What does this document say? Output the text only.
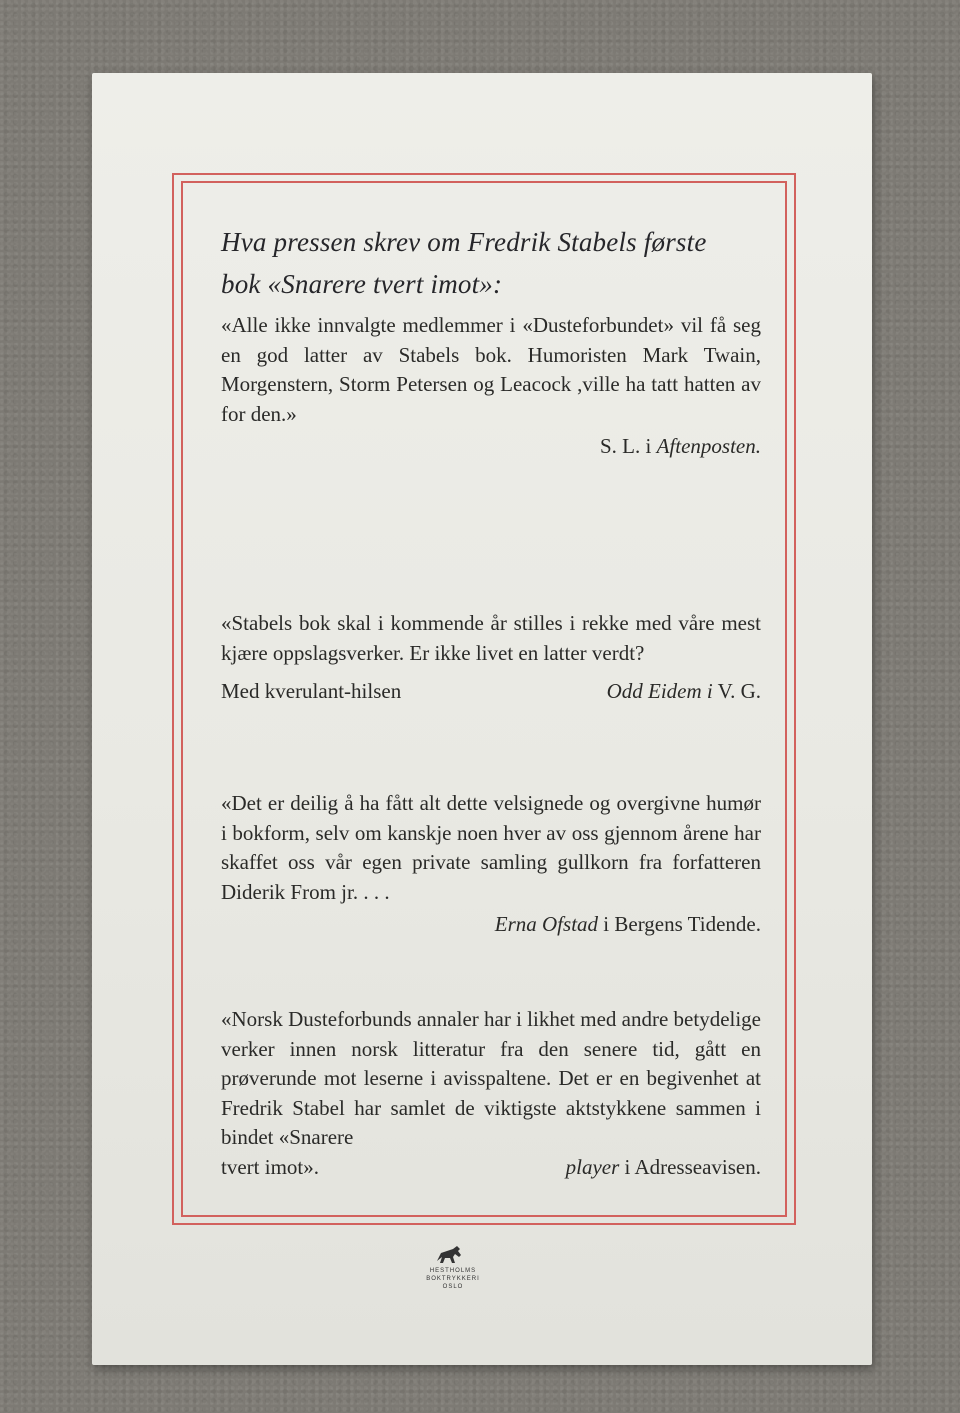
Hva pressen skrev om Fredrik Stabels første
bok «Snarere tvert imot»:

«Alle ikke innvalgte medlemmer i «Dusteforbundet» vil få seg en god latter av Stabels bok. Humoristen Mark Twain, Morgenstern, Storm Petersen og Leacock ,ville ha tatt hatten av for den.»

S. L. i Aftenposten.

«Stabels bok skal i kommende år stilles i rekke med våre mest kjære oppslagsverker. Er ikke livet en latter verdt?

Med kverulant-hilsen	Odd Eidem i V. G.

«Det er deilig å ha fått alt dette velsignede og overgivne humør i bokform, selv om kanskje noen hver av oss gjennom årene har skaffet oss vår egen private samling gullkorn fra forfatteren Diderik From jr. . . .

Erna Ofstad i Bergens Tidende.

«Norsk Dusteforbunds annaler har i likhet med andre betydelige verker innen norsk litteratur fra den senere tid, gått en prøverunde mot leserne i avisspaltene. Det er en begivenhet at Fredrik Stabel har samlet de viktigste aktstykkene sammen i bindet «Snarere

tvert imot».	player i Adresseavisen.
HESTHOLMS
BOKTRYKKERI
OSLO
